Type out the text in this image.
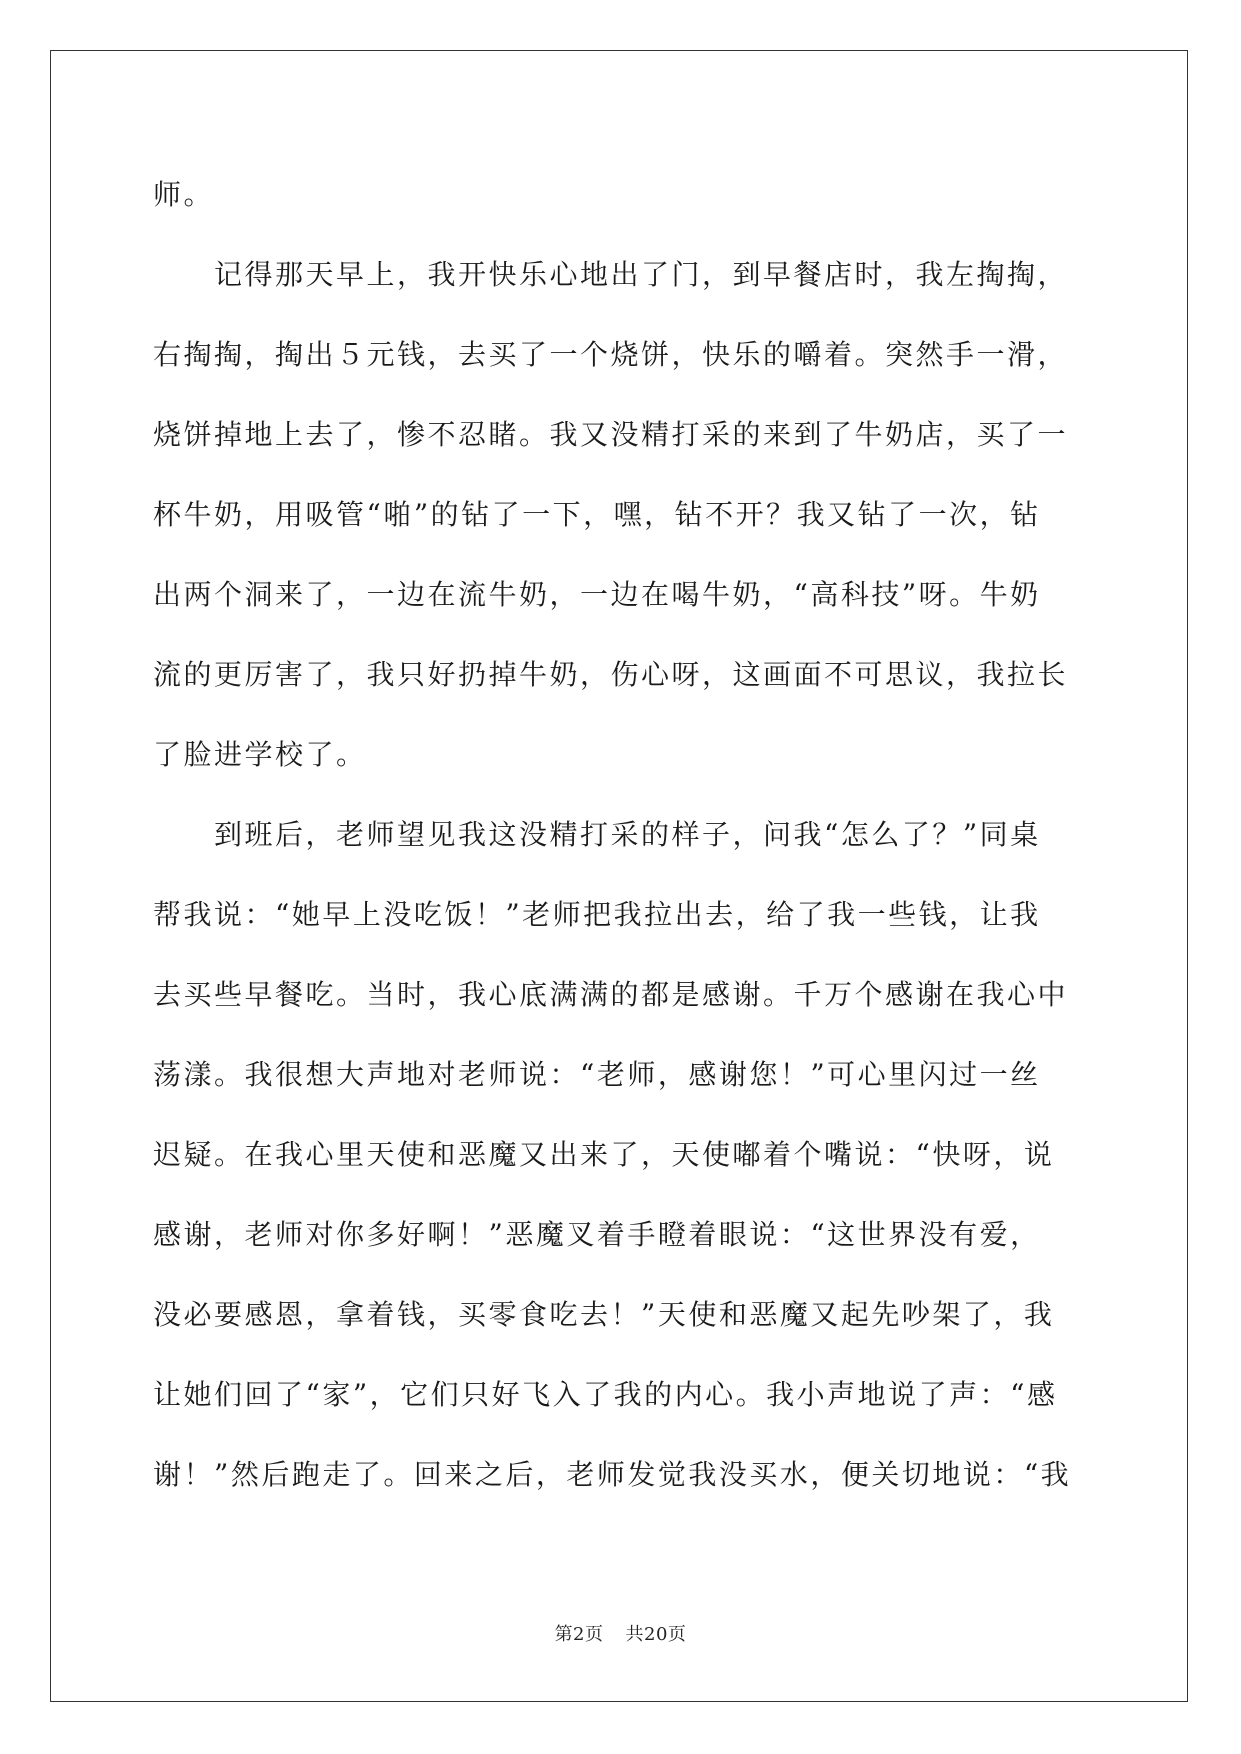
师。
　　记得那天早上，我开快乐心地出了门，到早餐店时，我左掏掏，
右掏掏，掏出５元钱，去买了一个烧饼，快乐的嚼着。突然手一滑，
烧饼掉地上去了，惨不忍睹。我又没精打采的来到了牛奶店，买了一
杯牛奶，用吸管“啪”的钻了一下，嘿，钻不开？我又钻了一次，钻
出两个洞来了，一边在流牛奶，一边在喝牛奶，“高科技”呀。牛奶
流的更厉害了，我只好扔掉牛奶，伤心呀，这画面不可思议，我拉长
了脸进学校了。
　　到班后，老师望见我这没精打采的样子，问我“怎么了？”同桌
帮我说：“她早上没吃饭！”老师把我拉出去，给了我一些钱，让我
去买些早餐吃。当时，我心底满满的都是感谢。千万个感谢在我心中
荡漾。我很想大声地对老师说：“老师，感谢您！”可心里闪过一丝
迟疑。在我心里天使和恶魔又出来了，天使嘟着个嘴说：“快呀，说
感谢，老师对你多好啊！”恶魔叉着手瞪着眼说：“这世界没有爱，
没必要感恩，拿着钱，买零食吃去！”天使和恶魔又起先吵架了，我
让她们回了“家”，它们只好飞入了我的内心。我小声地说了声：“感
谢！”然后跑走了。回来之后，老师发觉我没买水，便关切地说：“我
第2页 共20页
